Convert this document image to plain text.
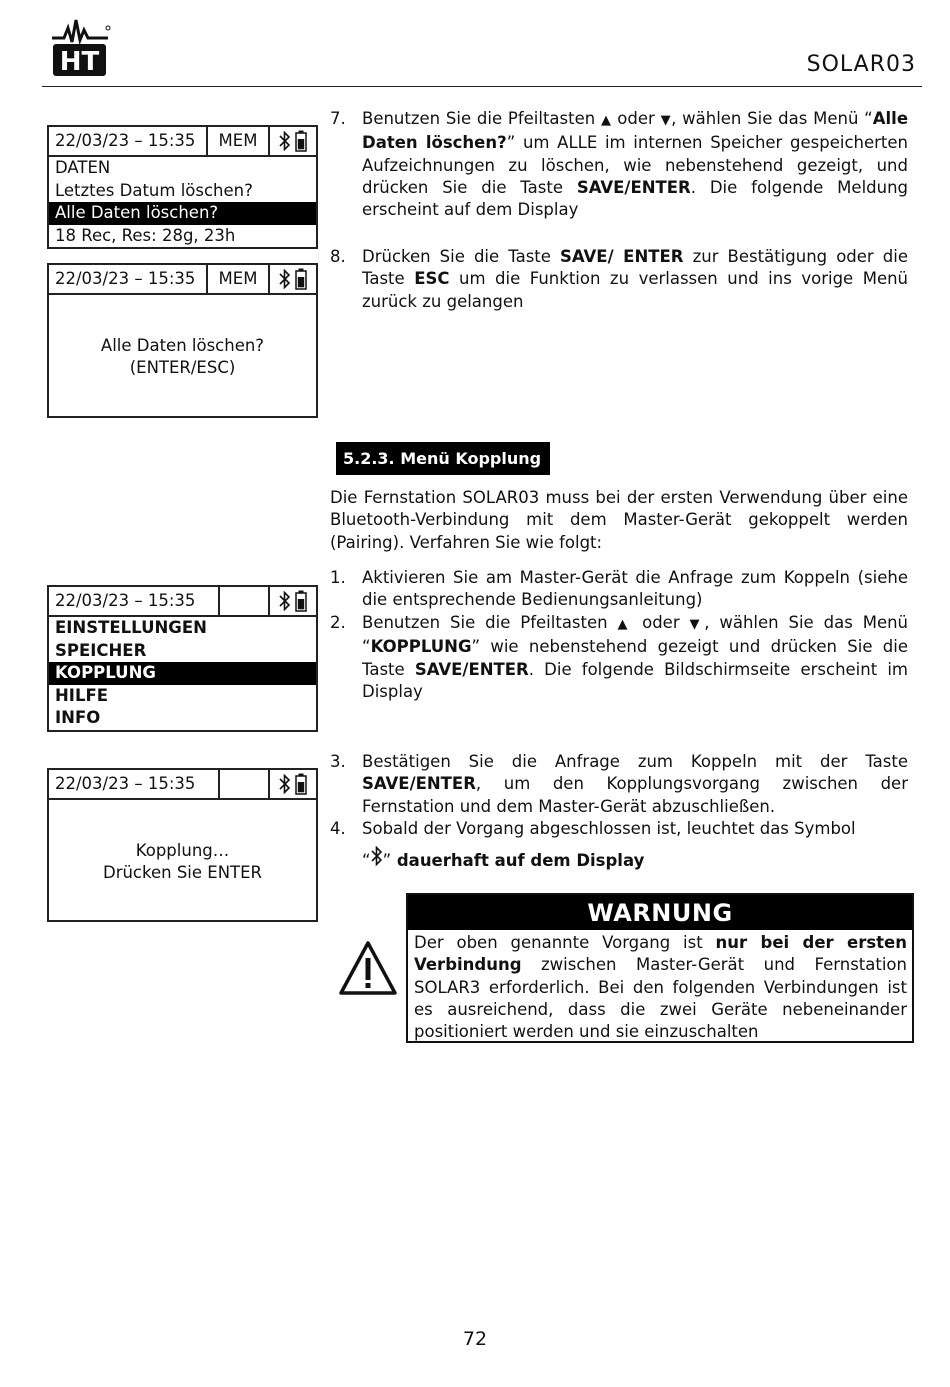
HT	SOLAR03
22/03/23 – 15:35	MEM
DATEN
Letztes Datum löschen?
Alle Daten löschen?
18 Rec, Res: 28g, 23h
22/03/23 – 15:35	MEM
Alle Daten löschen?
(ENTER/ESC)
22/03/23 – 15:35
EINSTELLUNGEN
SPEICHER
KOPPLUNG
HILFE
INFO
22/03/23 – 15:35
Kopplung…
Drücken Sie ENTER
7. Benutzen Sie die Pfeiltasten ▲ oder ▼, wählen Sie das Menü “Alle Daten löschen?” um ALLE im internen Speicher gespeicherten Aufzeichnungen zu löschen, wie nebenstehend gezeigt, und drücken Sie die Taste SAVE/ENTER. Die folgende Meldung erscheint auf dem Display
8. Drücken Sie die Taste SAVE/ ENTER zur Bestätigung oder die Taste ESC um die Funktion zu verlassen und ins vorige Menü zurück zu gelangen
5.2.3. Menü Kopplung
Die Fernstation SOLAR03 muss bei der ersten Verwendung über eine Bluetooth-Verbindung mit dem Master-Gerät gekoppelt werden (Pairing). Verfahren Sie wie folgt:
1. Aktivieren Sie am Master-Gerät die Anfrage zum Koppeln (siehe die entsprechende Bedienungsanleitung)
2. Benutzen Sie die Pfeiltasten ▲ oder ▼, wählen Sie das Menü “KOPPLUNG” wie nebenstehend gezeigt und drücken Sie die Taste SAVE/ENTER. Die folgende Bildschirmseite erscheint im Display
3. Bestätigen Sie die Anfrage zum Koppeln mit der Taste SAVE/ENTER, um den Kopplungsvorgang zwischen der Fernstation und dem Master-Gerät abzuschließen.
4. Sobald der Vorgang abgeschlossen ist, leuchtet das Symbol
“ ” dauerhaft auf dem Display
WARNUNG
Der oben genannte Vorgang ist nur bei der ersten Verbindung zwischen Master-Gerät und Fernstation SOLAR3 erforderlich. Bei den folgenden Verbindungen ist es ausreichend, dass die zwei Geräte nebeneinander positioniert werden und sie einzuschalten
72
